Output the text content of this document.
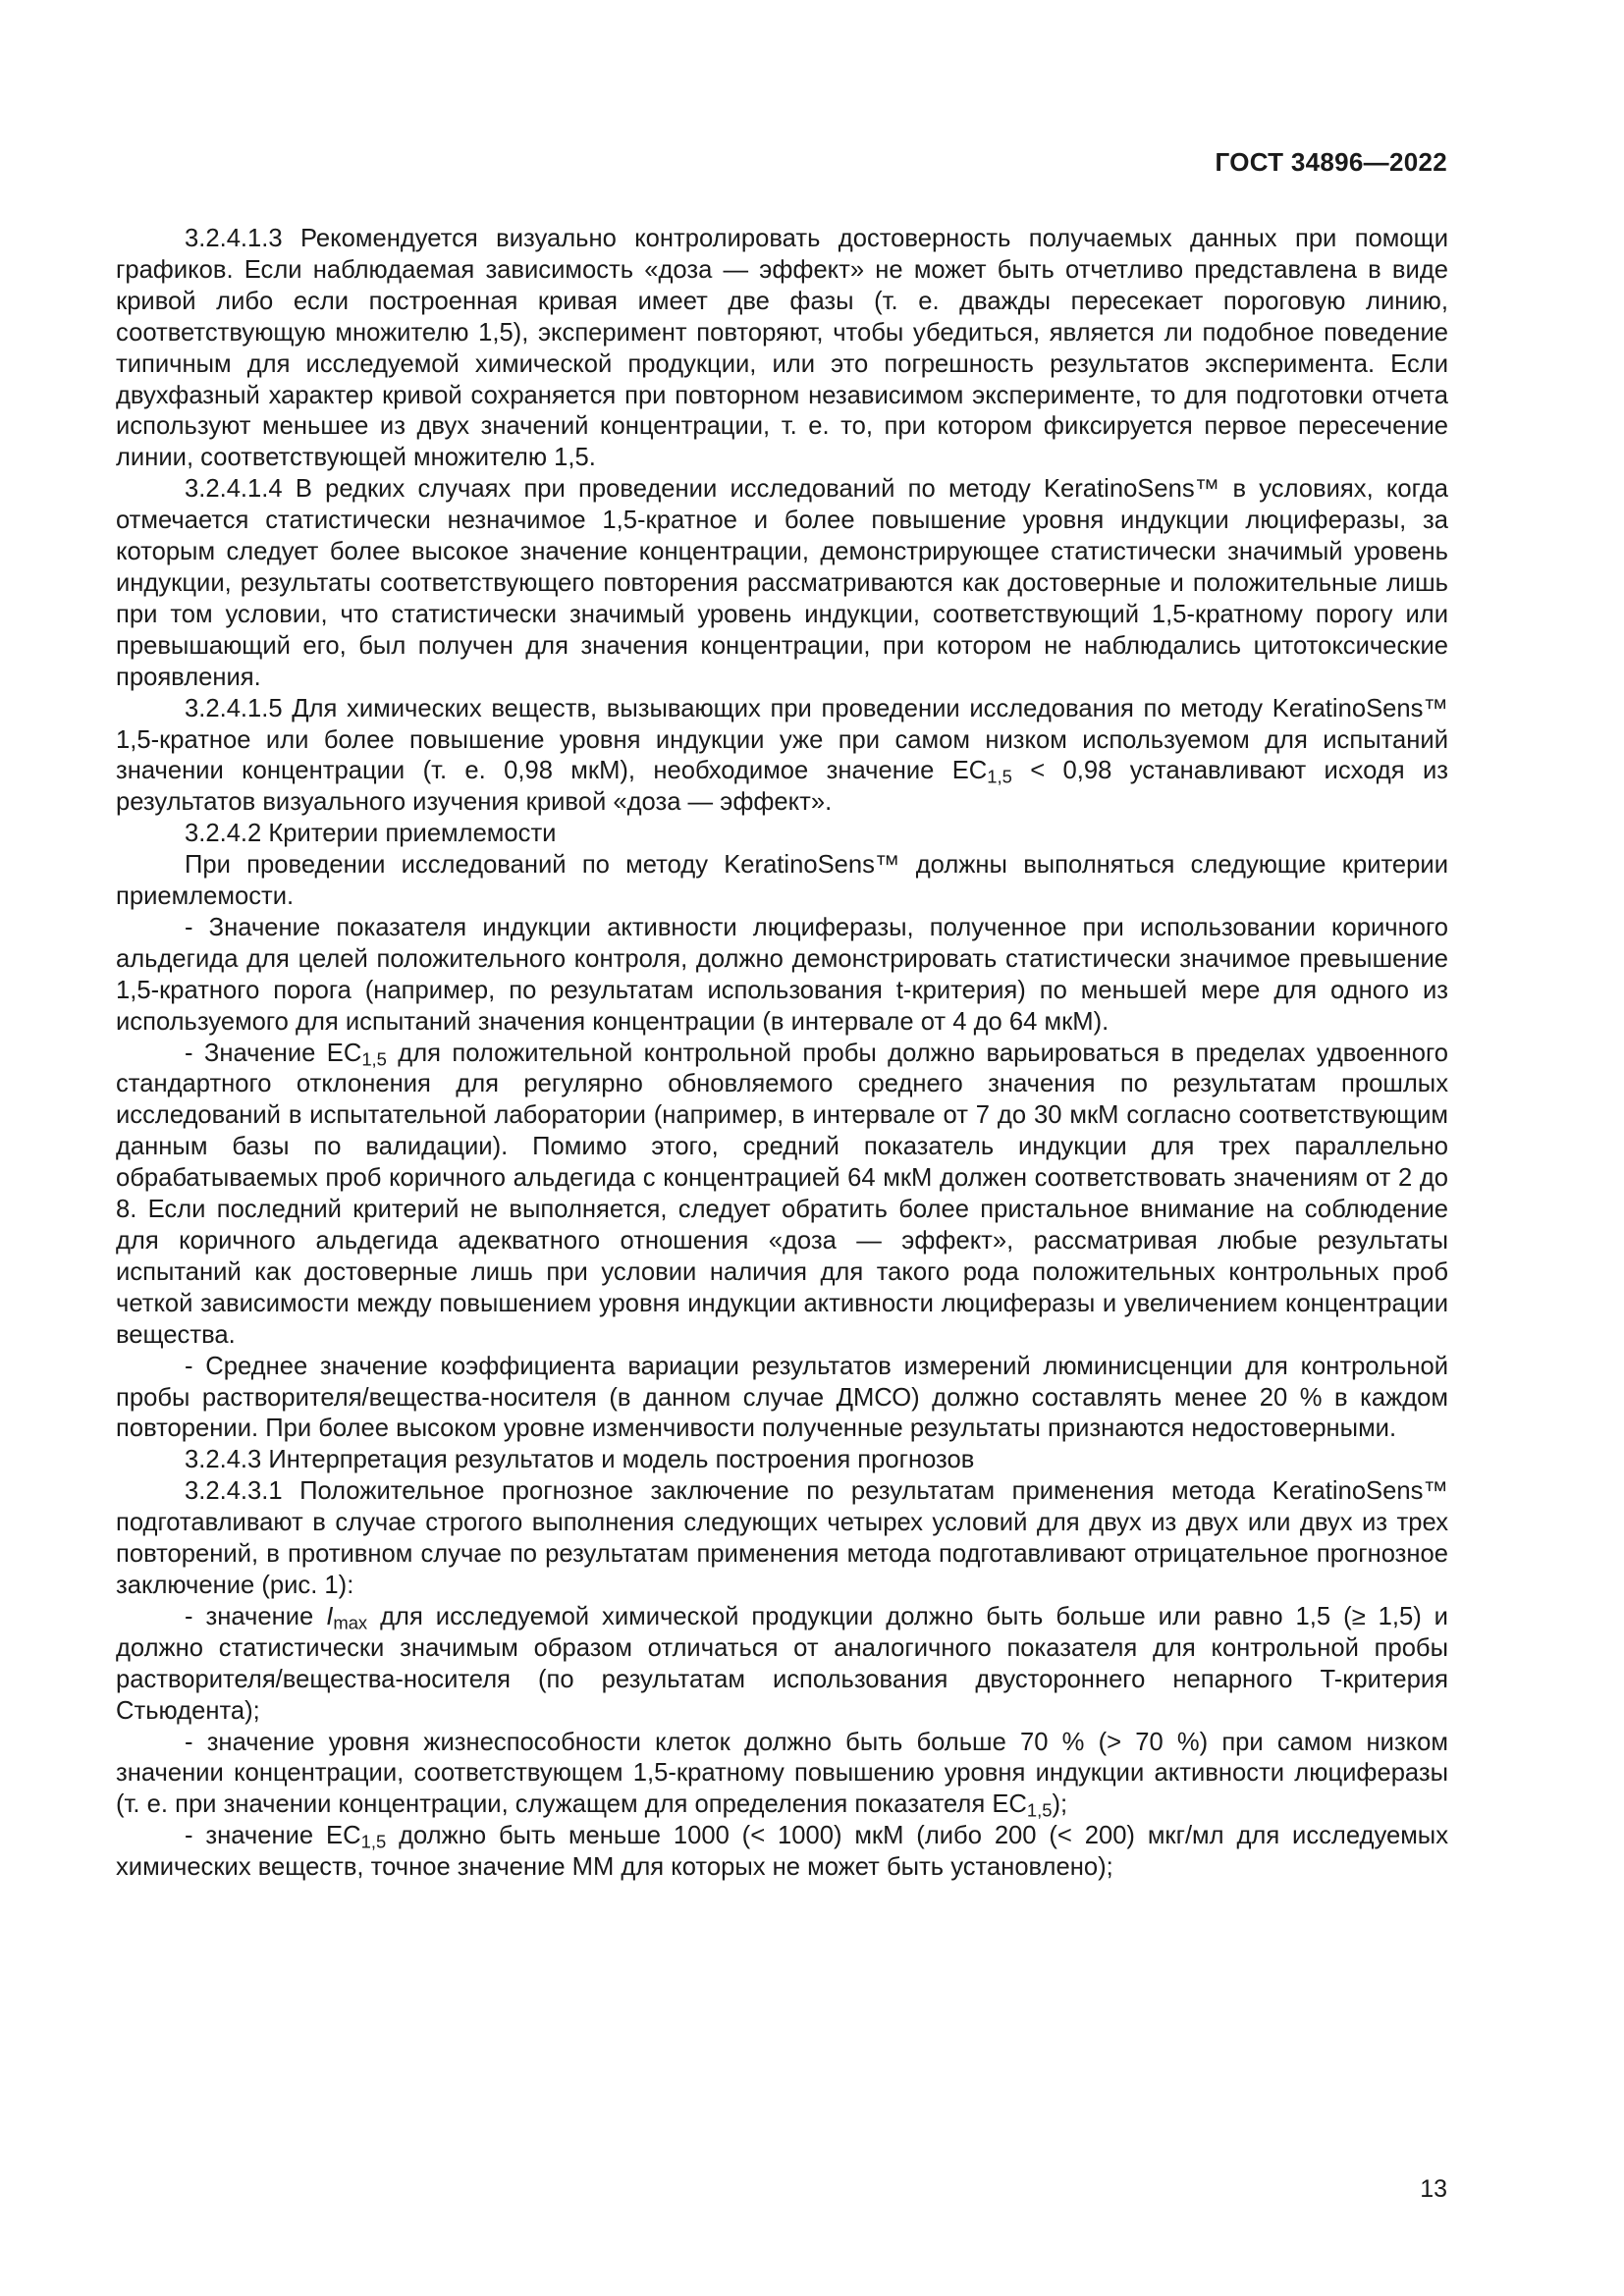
ГОСТ 34896—2022

3.2.4.1.3 Рекомендуется визуально контролировать достоверность получаемых данных при помощи графиков. Если наблюдаемая зависимость «доза — эффект» не может быть отчетливо представлена в виде кривой либо если построенная кривая имеет две фазы (т. е. дважды пересекает пороговую линию, соответствующую множителю 1,5), эксперимент повторяют, чтобы убедиться, является ли подобное поведение типичным для исследуемой химической продукции, или это погрешность результатов эксперимента. Если двухфазный характер кривой сохраняется при повторном независимом эксперименте, то для подготовки отчета используют меньшее из двух значений концентрации, т. е. то, при котором фиксируется первое пересечение линии, соответствующей множителю 1,5.

3.2.4.1.4 В редких случаях при проведении исследований по методу KeratinoSens™ в условиях, когда отмечается статистически незначимое 1,5-кратное и более повышение уровня индукции люциферазы, за которым следует более высокое значение концентрации, демонстрирующее статистически значимый уровень индукции, результаты соответствующего повторения рассматриваются как достоверные и положительные лишь при том условии, что статистически значимый уровень индукции, соответствующий 1,5-кратному порогу или превышающий его, был получен для значения концентрации, при котором не наблюдались цитотоксические проявления.

3.2.4.1.5 Для химических веществ, вызывающих при проведении исследования по методу KeratinoSens™ 1,5-кратное или более повышение уровня индукции уже при самом низком используемом для испытаний значении концентрации (т. е. 0,98 мкМ), необходимое значение $EC_{1,5} < 0,98$ устанавливают исходя из результатов визуального изучения кривой «доза — эффект».

3.2.4.2 Критерии приемлемости

При проведении исследований по методу KeratinoSens™ должны выполняться следующие критерии приемлемости.

- Значение показателя индукции активности люциферазы, полученное при использовании коричного альдегида для целей положительного контроля, должно демонстрировать статистически значимое превышение 1,5-кратного порога (например, по результатам использования t-критерия) по меньшей мере для одного из используемого для испытаний значения концентрации (в интервале от 4 до 64 мкМ).

- Значение $EC_{1,5}$ для положительной контрольной пробы должно варьироваться в пределах удвоенного стандартного отклонения для регулярно обновляемого среднего значения по результатам прошлых исследований в испытательной лаборатории (например, в интервале от 7 до 30 мкМ согласно соответствующим данным базы по валидации). Помимо этого, средний показатель индукции для трех параллельно обрабатываемых проб коричного альдегида с концентрацией 64 мкМ должен соответствовать значениям от 2 до 8. Если последний критерий не выполняется, следует обратить более пристальное внимание на соблюдение для коричного альдегида адекватного отношения «доза — эффект», рассматривая любые результаты испытаний как достоверные лишь при условии наличия для такого рода положительных контрольных проб четкой зависимости между повышением уровня индукции активности люциферазы и увеличением концентрации вещества.

- Среднее значение коэффициента вариации результатов измерений люминисценции для контрольной пробы растворителя/вещества-носителя (в данном случае ДМСО) должно составлять менее 20 % в каждом повторении. При более высоком уровне изменчивости полученные результаты признаются недостоверными.

3.2.4.3 Интерпретация результатов и модель построения прогнозов

3.2.4.3.1 Положительное прогнозное заключение по результатам применения метода KeratinoSens™ подготавливают в случае строгого выполнения следующих четырех условий для двух из двух или двух из трех повторений, в противном случае по результатам применения метода подготавливают отрицательное прогнозное заключение (рис. 1):

- значение $I_{max}$ для исследуемой химической продукции должно быть больше или равно 1,5 (≥ 1,5) и должно статистически значимым образом отличаться от аналогичного показателя для контрольной пробы растворителя/вещества-носителя (по результатам использования двустороннего непарного T-критерия Стьюдента);

- значение уровня жизнеспособности клеток должно быть больше 70 % (> 70 %) при самом низком значении концентрации, соответствующем 1,5-кратному повышению уровня индукции активности люциферазы (т. е. при значении концентрации, служащем для определения показателя $EC_{1,5}$);

- значение $EC_{1,5}$ должно быть меньше 1000 (< 1000) мкМ (либо 200 (< 200) мкг/мл для исследуемых химических веществ, точное значение ММ для которых не может быть установлено);

13
